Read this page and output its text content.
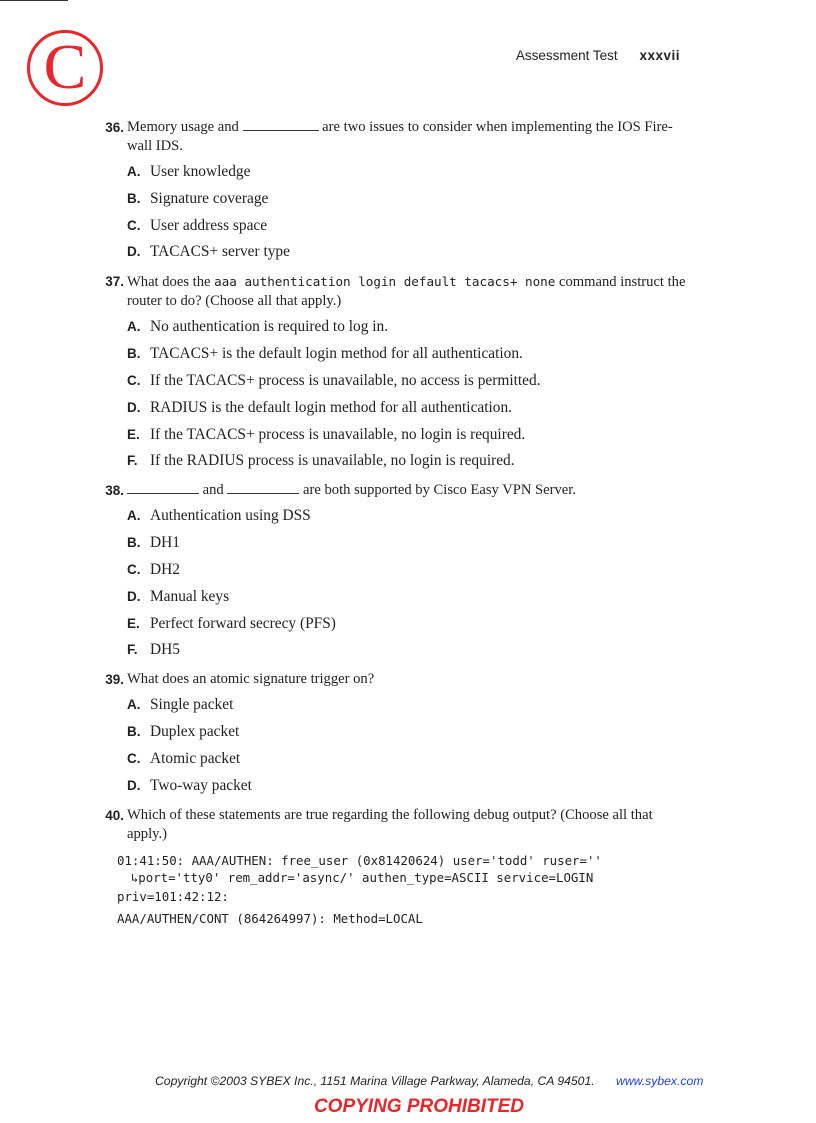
C	Assessment Test xxxvii
36. Memory usage and	are two issues to consider when implementing the IOS Fire-
wall IDS.
A. User knowledge
B. Signature coverage
C. User address space
D. TACACS+ server type
37. What does the aaa authentication login default tacacs+ none command instruct the
router to do? (Choose all that apply.)
A. No authentication is required to log in.
B. TACACS+ is the default login method for all authentication.
C. If the TACACS+ process is unavailable, no access is permitted.
D. RADIUS is the default login method for all authentication.
E. If the TACACS+ process is unavailable, no login is required.
F. If the RADIUS process is unavailable, no login is required.
38.	and	are both supported by Cisco Easy VPN Server.
A. Authentication using DSS
B. DH1
C. DH2
D. Manual keys
E. Perfect forward secrecy (PFS)
F. DH5
39. What does an atomic signature trigger on?
A. Single packet
B. Duplex packet
C. Atomic packet
D. Two-way packet
40. Which of these statements are true regarding the following debug output? (Choose all that
apply.)
01:41:50: AAA/AUTHEN: free_user (0x81420624) user='todd' ruser=''
↳port='tty0' rem_addr='async/' authen_type=ASCII service=LOGIN
priv=101:42:12:
AAA/AUTHEN/CONT (864264997): Method=LOCAL
Copyright ©2003 SYBEX Inc., 1151 Marina Village Parkway, Alameda, CA 94501. www.sybex.com
COPYING PROHIBITED
